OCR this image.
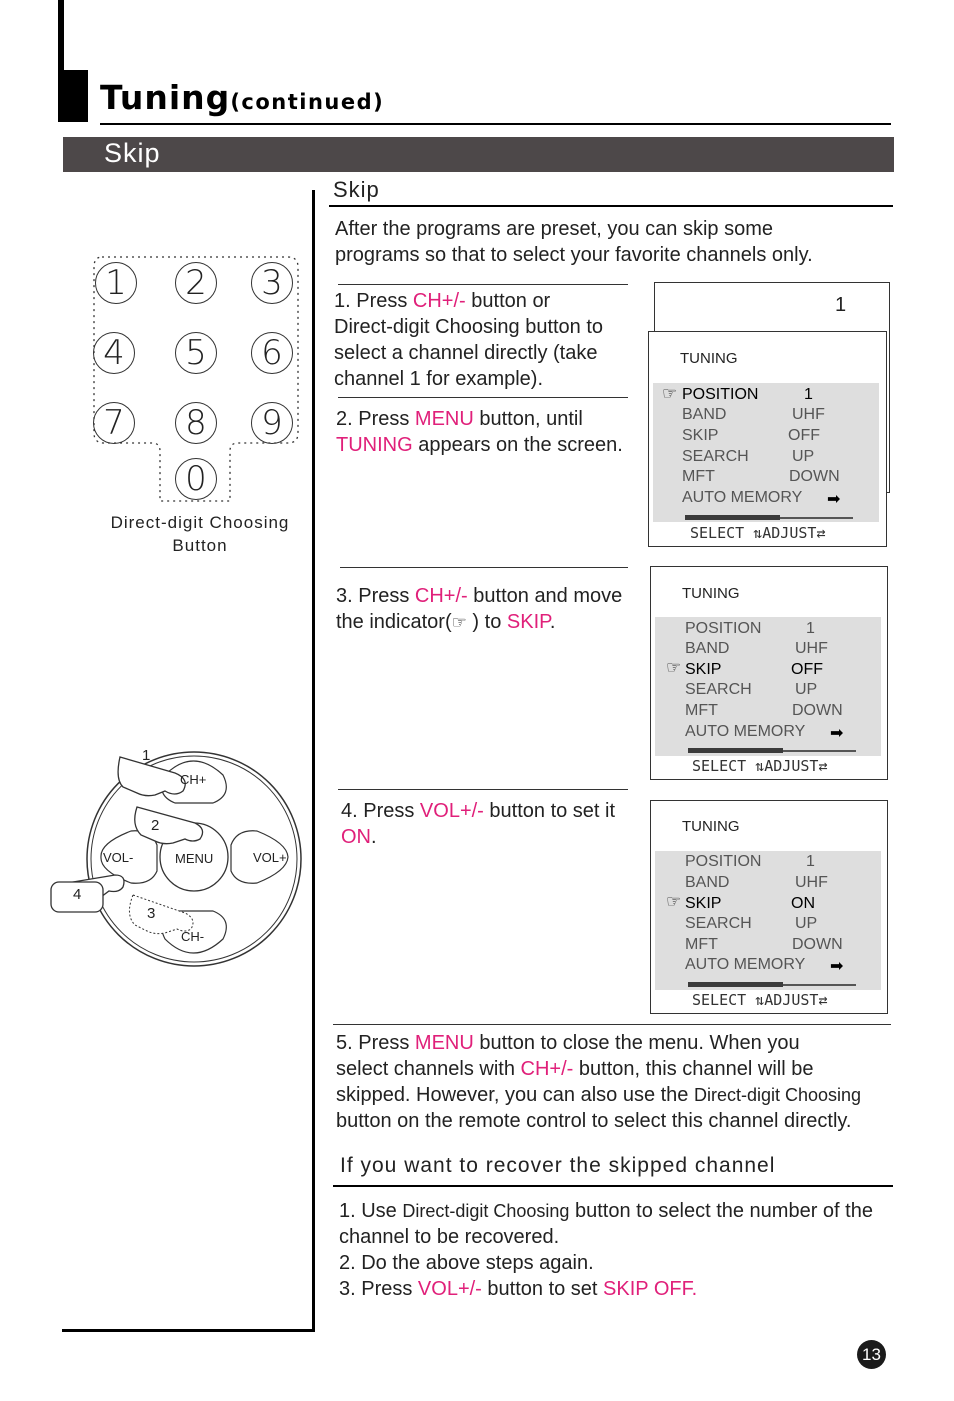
Tuning(continued)
Skip
Skip
After the programs are preset, you can skip some
programs so that to select your favorite channels only.
1 2 3
4 5 6
7 8 9
0
Direct-digit Choosing
Button
CH+
CH-
VOL-	VOL+
MENU
1
2
3
4
1. Press CH+/- button or
Direct-digit Choosing button to
select a channel directly (take
channel 1 for example).
2. Press MENU button, until
TUNING appears on the screen.
1
TUNING
☞ POSITION	1
BAND	UHF
SKIP	OFF
SEARCH	UP
MFT	DOWN
AUTO MEMORY ➡
SELECT ⇅ADJUST⇄
3. Press CH+/- button and move
the indicator(☞ ) to SKIP.
TUNING
POSITION	1
BAND	UHF
☞ SKIP	OFF
SEARCH	UP
MFT	DOWN
AUTO MEMORY ➡
SELECT ⇅ADJUST⇄
4. Press VOL+/- button to set it
ON.	TUNING
POSITION	1
BAND	UHF
☞ SKIP	ON
SEARCH	UP
MFT	DOWN
AUTO MEMORY ➡
SELECT ⇅ADJUST⇄
5. Press MENU button to close the menu. When you
select channels with CH+/- button, this channel will be
skipped. However, you can also use the Direct-digit Choosing
button on the remote control to select this channel directly.
If you want to recover the skipped channel
1. Use Direct-digit Choosing button to select the number of the
channel to be recovered.
2. Do the above steps again.
3. Press VOL+/- button to set SKIP OFF.
13
